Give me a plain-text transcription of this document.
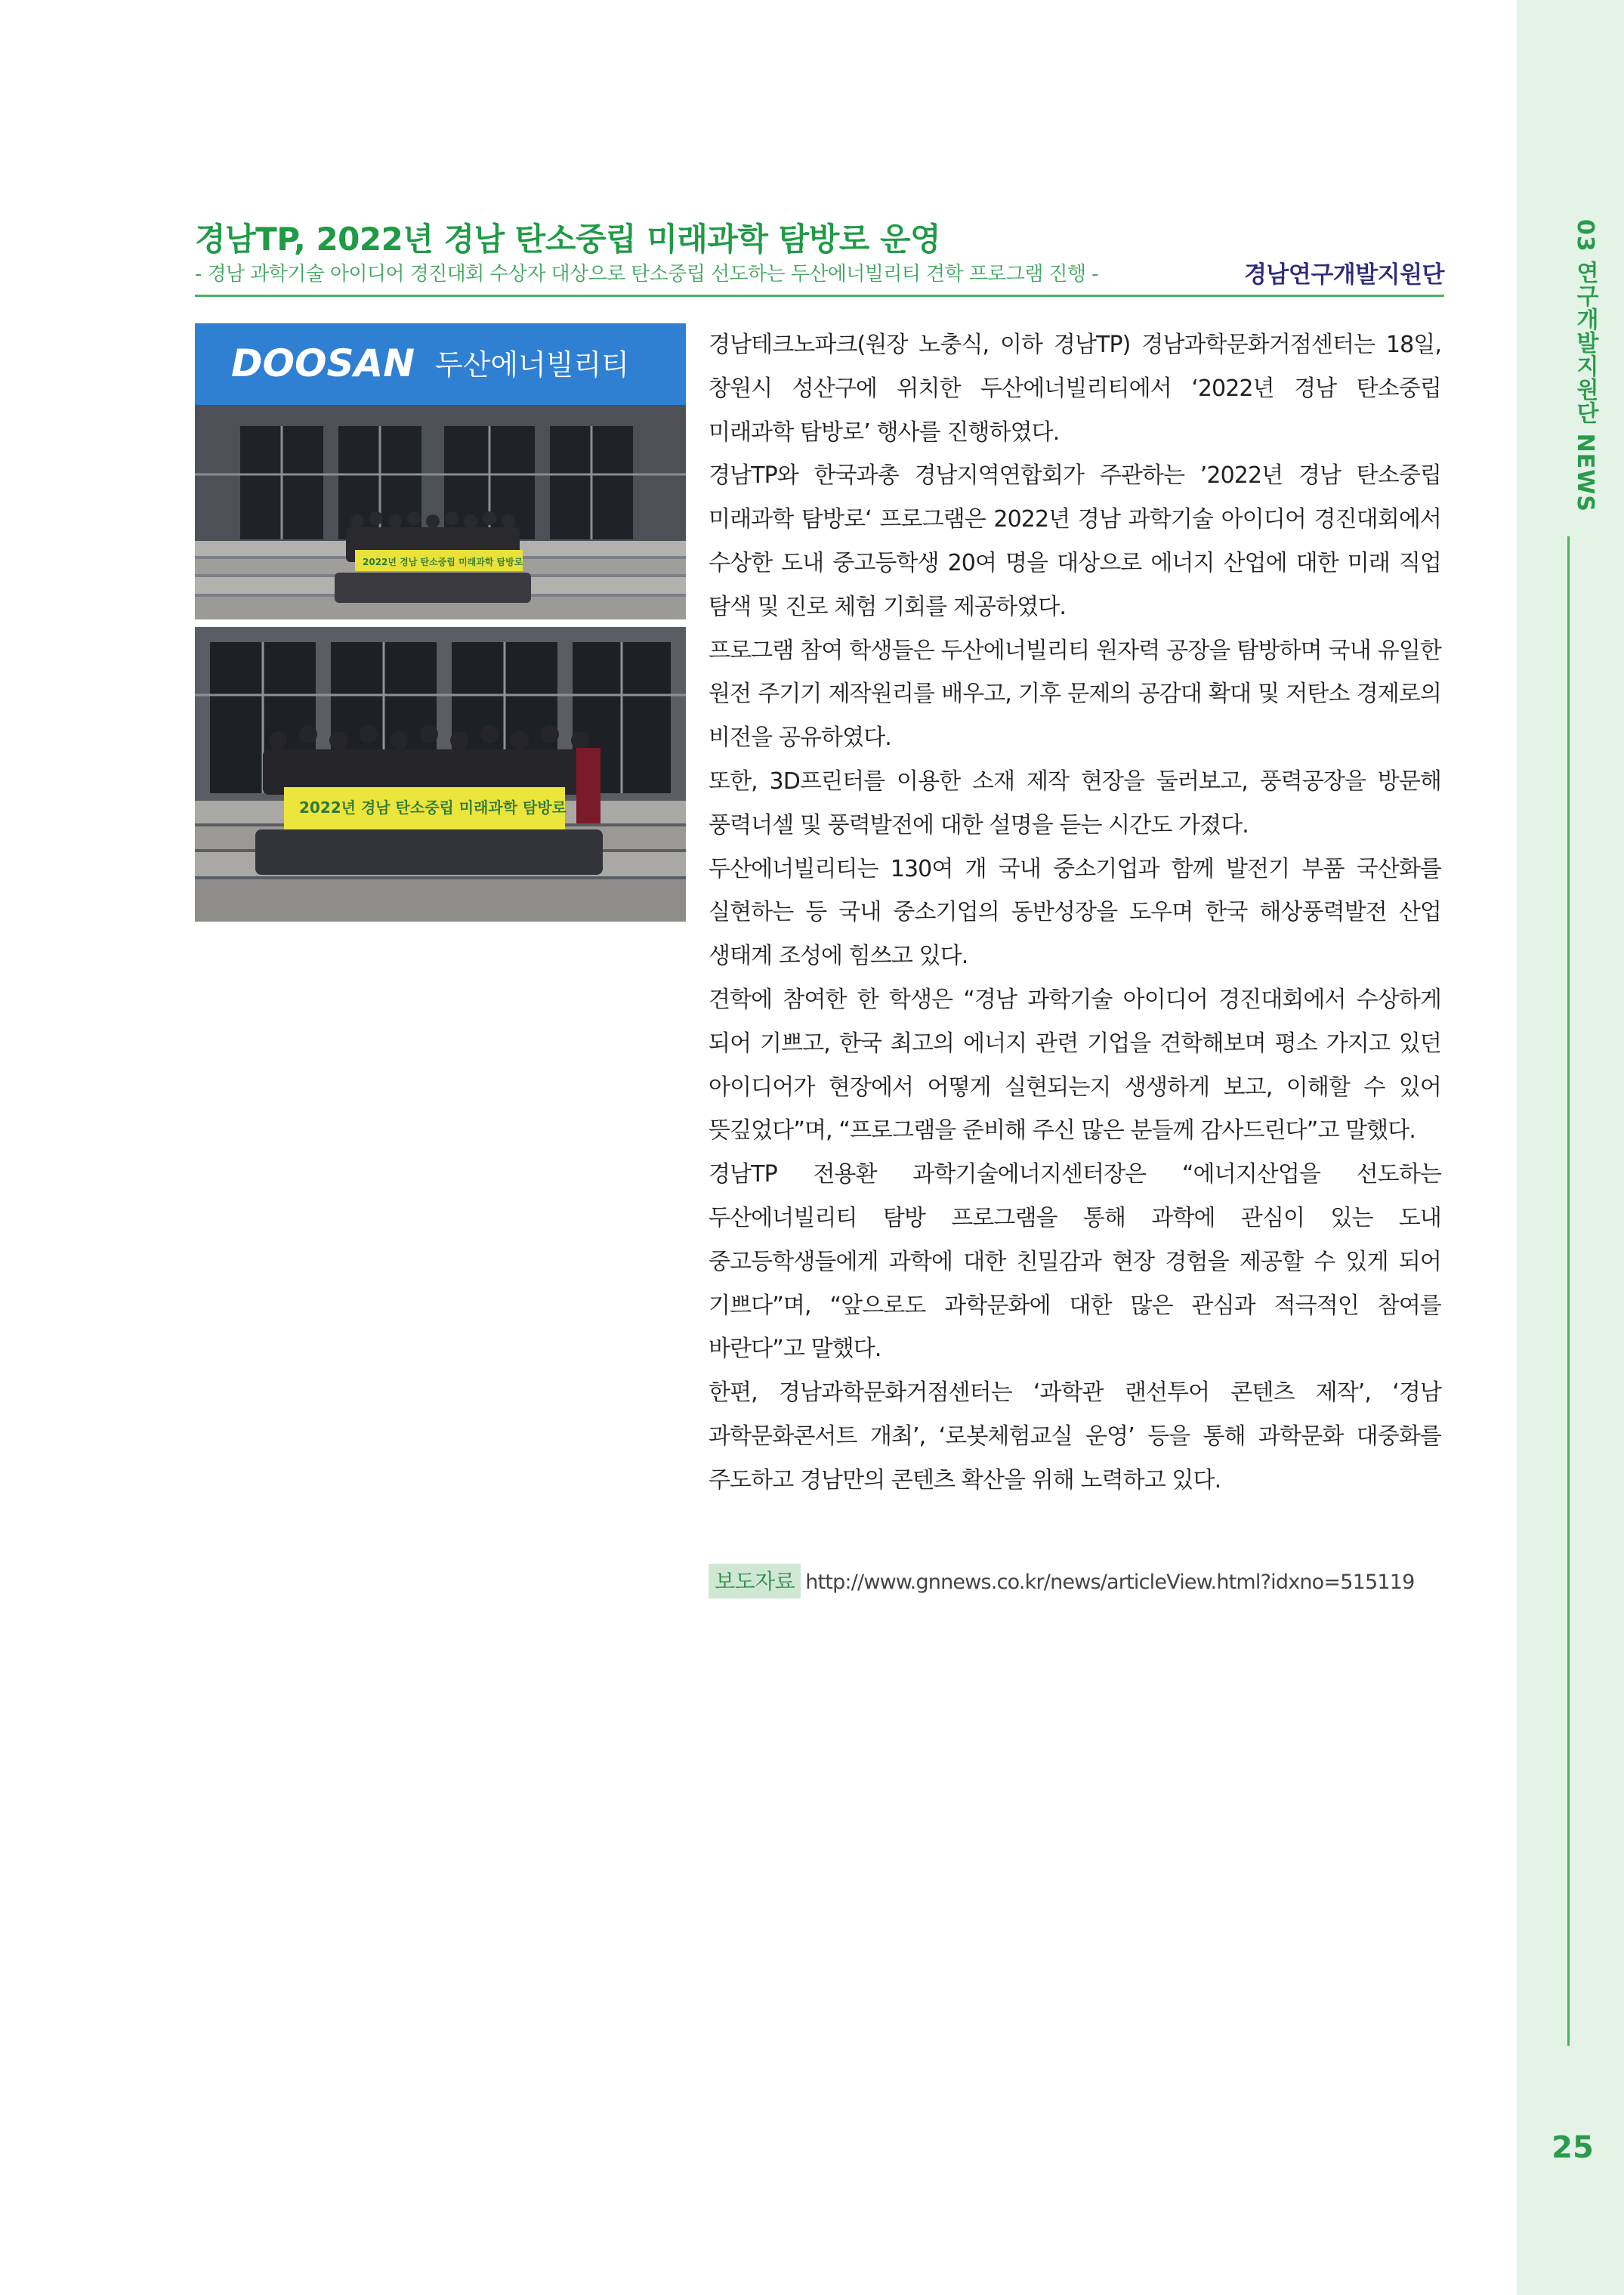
03 연구개발지원단 NEWS
25
경남TP, 2022년 경남 탄소중립 미래과학 탐방로 운영
- 경남 과학기술 아이디어 경진대회 수상자 대상으로 탄소중립 선도하는 두산에너빌리티 견학 프로그램 진행 -	경남연구개발지원단
DOOSAN 두산에너빌리티
2022년 경남 탄소중립 미래과학 탐방로
2022년 경남 탄소중립 미래과학 탐방로

경남테크노파크(원장 노충식, 이하 경남TP) 경남과학문화거점센터는 18일, 창원시 성산구에 위치한 두산에너빌리티에서 ‘2022년 경남 탄소중립 미래과학 탐방로’ 행사를 진행하였다.

경남TP와 한국과총 경남지역연합회가 주관하는 ’2022년 경남 탄소중립 미래과학 탐방로‘ 프로그램은 2022년 경남 과학기술 아이디어 경진대회에서 수상한 도내 중고등학생 20여 명을 대상으로 에너지 산업에 대한 미래 직업 탐색 및 진로 체험 기회를 제공하였다.

프로그램 참여 학생들은 두산에너빌리티 원자력 공장을 탐방하며 국내 유일한 원전 주기기 제작원리를 배우고, 기후 문제의 공감대 확대 및 저탄소 경제로의 비전을 공유하였다.

또한, 3D프린터를 이용한 소재 제작 현장을 둘러보고, 풍력공장을 방문해 풍력너셀 및 풍력발전에 대한 설명을 듣는 시간도 가졌다.

두산에너빌리티는 130여 개 국내 중소기업과 함께 발전기 부품 국산화를 실현하는 등 국내 중소기업의 동반성장을 도우며 한국 해상풍력발전 산업 생태계 조성에 힘쓰고 있다.

견학에 참여한 한 학생은 “경남 과학기술 아이디어 경진대회에서 수상하게 되어 기쁘고, 한국 최고의 에너지 관련 기업을 견학해보며 평소 가지고 있던 아이디어가 현장에서 어떻게 실현되는지 생생하게 보고, 이해할 수 있어 뜻깊었다”며, “프로그램을 준비해 주신 많은 분들께 감사드린다”고 말했다.

경남TP 전용환 과학기술에너지센터장은 “에너지산업을 선도하는 두산에너빌리티 탐방 프로그램을 통해 과학에 관심이 있는 도내 중고등학생들에게 과학에 대한 친밀감과 현장 경험을 제공할 수 있게 되어 기쁘다”며, “앞으로도 과학문화에 대한 많은 관심과 적극적인 참여를 바란다”고 말했다.

한편, 경남과학문화거점센터는 ‘과학관 랜선투어 콘텐츠 제작’, ‘경남 과학문화콘서트 개최’, ‘로봇체험교실 운영’ 등을 통해 과학문화 대중화를 주도하고 경남만의 콘텐츠 확산을 위해 노력하고 있다.

보도자료 http://www.gnnews.co.kr/news/articleView.html?idxno=515119
